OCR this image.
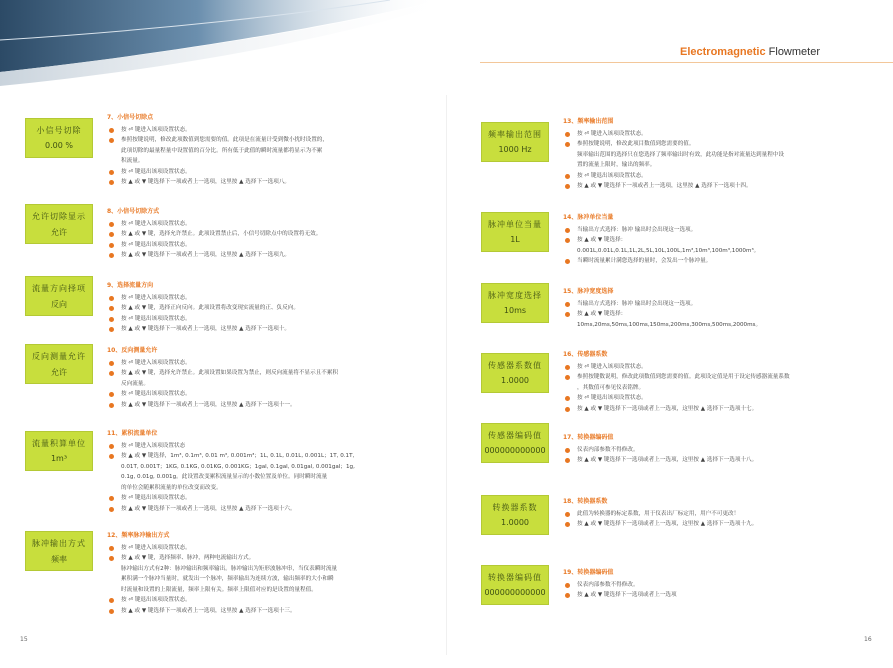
Electromagnetic Flowmeter
小信号切除
0.00 %
7、小信号切除点
按 ⏎ 键进入该项设置状态。
参照按键说明，修改此项数值到您需要的值。此项是在流量计受到微小扰时设置的，
此项切除的最量程量中设置值的百分比。所有低于此值的瞬时流量都将显示为不累
积流量。
按 ⏎ 键退出该项设置状态。
按 ▲ 或 ▼ 键选择下一项或者上一选项，这里按 ▲ 选择下一选项八。
允许切除显示
允许
8、小信号切除方式
按 ⏎ 键进入该项设置状态。
按 ▲ 或 ▼ 键，选择允许禁止。此项设置禁止后，小信号切除点中的设置将无效。
按 ⏎ 键退出该项设置状态。
按 ▲ 或 ▼ 键选择下一项或者上一选项，这里按 ▲ 选择下一选项九。
流量方向择项
反向
9、选择流量方向
按 ⏎ 键进入该项设置状态。
按 ▲ 或 ▼ 键，选择正向反向。此项设置将改变现实流量的正、负反向。
按 ⏎ 键退出该项设置状态。
按 ▲ 或 ▼ 键选择下一项或者上一选项，这里按 ▲ 选择下一选项十。
反向测量允许
允许
10、反向测量允许
按 ⏎ 键进入该项设置状态。
按 ▲ 或 ▼ 键，选择允许禁止。此项设置如果设置为禁止，则反向流量将不显示且不累积
反向流量。
按 ⏎ 键退出该项设置状态。
按 ▲ 或 ▼ 键选择下一项或者上一选项，这里按 ▲ 选择下一选项十一。
流量积算单位
1m³
11、累积流量单位
按 ⏎ 键进入该项设置状态
按 ▲ 或 ▼ 键选择，1m³, 0.1m³, 0.01 m³, 0.001m³；1L, 0.1L, 0.01L, 0.001L；1T, 0.1T,
0.01T, 0.001T；1KG, 0.1KG, 0.01KG, 0.001KG；1gal, 0.1gal, 0.01gal, 0.001gal；1g,
0.1g, 0.01g, 0.001g。此设置改变累积流量显示的小数位置及单位。同时瞬时流量
的单位会随累积流量的单位改变而改变。
按 ⏎ 键退出该项设置状态。
按 ▲ 或 ▼ 键选择下一项或者上一选项，这里按 ▲ 选择下一选项十六。
脉冲输出方式
频率
12、频率脉冲输出方式
按 ⏎ 键进入该项设置状态。
按 ▲ 或 ▼ 键，选择频率、脉冲，两种电流输出方式。
脉冲输出方式有2种：脉冲输出和频率输出。脉冲输出为矩形波脉冲串，当仪表瞬时流量
累积满一个脉冲当量时，就发出一个脉冲，频率输出为连续方波，输出频率的大小和瞬
时流量和设置的上限流量，频率上限有关。频率上限值对应的是设置的量程值。
按 ⏎ 键退出该项设置状态。
按 ▲ 或 ▼ 键选择下一项或者上一选项，这里按 ▲ 选择下一选项十三。
频率输出范围
1000 Hz
13、频率输出范围
按 ⏎ 键进入该项设置状态。
参照按键说明，修改此项目数值到您需要的值。
频率输出范围的选择只在您选择了频率输出时有效，此功能是指对流量达到量程中设
置的流量上限时，输出的频率。
按 ⏎ 键退出该项设置状态。
按 ▲ 或 ▼ 键选择下一项或者上一选项，这里按 ▲ 选择下一选项十四。
脉冲单位当量
1L
14、脉冲单位当量
当输出方式选择：脉冲 输出时会出现这一选项。
按 ▲ 或 ▼ 键选择：
0.001L,0.01L,0.1L,1L,2L,5L,10L,100L,1m³,10m³,100m³,1000m³。
当瞬时流量累计满您选择的量时，会发出一个脉冲量。
脉冲宽度选择
10ms
15、脉冲宽度选择
当输出方式选择：脉冲 输出时会出现这一选项。
按 ▲ 或 ▼ 键选择：
10ms,20ms,50ms,100ms,150ms,200ms,300ms,500ms,2000ms。
传感器系数值
1.0000
16、传感器系数
按 ⏎ 键进入该项设置状态。
参照按键数说明，修改此项数值到您需要的值。此项设定值是用于设定传感器流量系数
，其数值可参见仪表铭牌。
按 ⏎ 键退出该项设置状态。
按 ▲ 或 ▼ 键选择下一选项或者上一选项，这里按 ▲ 选择下一选项十七。
传感器编码值
000000000000
17、转换器编码值
仪表内部参数不得修改。
按 ▲ 或 ▼ 键选择下一选项或者上一选项，这里按 ▲ 选择下一选项十八。
转换器系数
1.0000
18、转换器系数
此值为转换器的标定系数，用于仪表出厂标定用，用户不可更改！
按 ▲ 或 ▼ 键选择下一选项或者上一选项，这里按 ▲ 选择下一选项十九。
转换器编码值
000000000000
19、转换器编码值
仪表内部参数不得修改。
按 ▲ 或 ▼ 键选择下一选项或者上一选项
15	16
